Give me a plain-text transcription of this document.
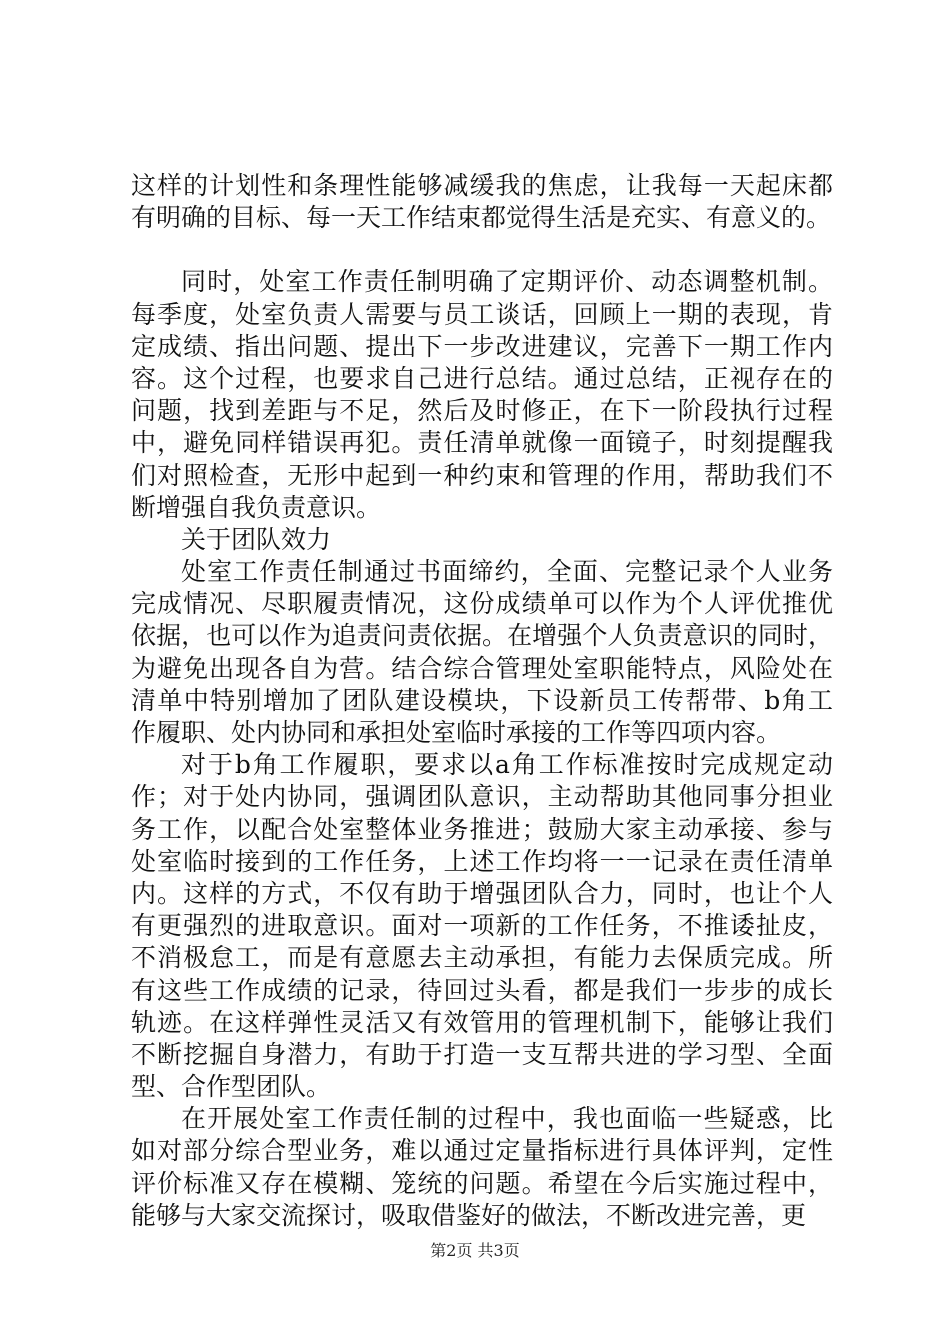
这样的计划性和条理性能够减缓我的焦虑，让我每一天起床都
有明确的目标、每一天工作结束都觉得生活是充实、有意义的。
同时，处室工作责任制明确了定期评价、动态调整机制。
每季度，处室负责人需要与员工谈话，回顾上一期的表现，肯
定成绩、指出问题、提出下一步改进建议，完善下一期工作内
容。这个过程，也要求自己进行总结。通过总结，正视存在的
问题，找到差距与不足，然后及时修正，在下一阶段执行过程
中，避免同样错误再犯。责任清单就像一面镜子，时刻提醒我
们对照检查，无形中起到一种约束和管理的作用，帮助我们不
断增强自我负责意识。
关于团队效力
处室工作责任制通过书面缔约，全面、完整记录个人业务
完成情况、尽职履责情况，这份成绩单可以作为个人评优推优
依据，也可以作为追责问责依据。在增强个人负责意识的同时，
为避免出现各自为营。结合综合管理处室职能特点，风险处在
清单中特别增加了团队建设模块，下设新员工传帮带、b角工
作履职、处内协同和承担处室临时承接的工作等四项内容。
对于b角工作履职，要求以a角工作标准按时完成规定动
作；对于处内协同，强调团队意识，主动帮助其他同事分担业
务工作，以配合处室整体业务推进；鼓励大家主动承接、参与
处室临时接到的工作任务，上述工作均将一一记录在责任清单
内。这样的方式，不仅有助于增强团队合力，同时，也让个人
有更强烈的进取意识。面对一项新的工作任务，不推诿扯皮，
不消极怠工，而是有意愿去主动承担，有能力去保质完成。所
有这些工作成绩的记录，待回过头看，都是我们一步步的成长
轨迹。在这样弹性灵活又有效管用的管理机制下，能够让我们
不断挖掘自身潜力，有助于打造一支互帮共进的学习型、全面
型、合作型团队。
在开展处室工作责任制的过程中，我也面临一些疑惑，比
如对部分综合型业务，难以通过定量指标进行具体评判，定性
评价标准又存在模糊、笼统的问题。希望在今后实施过程中，
能够与大家交流探讨，吸取借鉴好的做法，不断改进完善，更
第2页 共3页
